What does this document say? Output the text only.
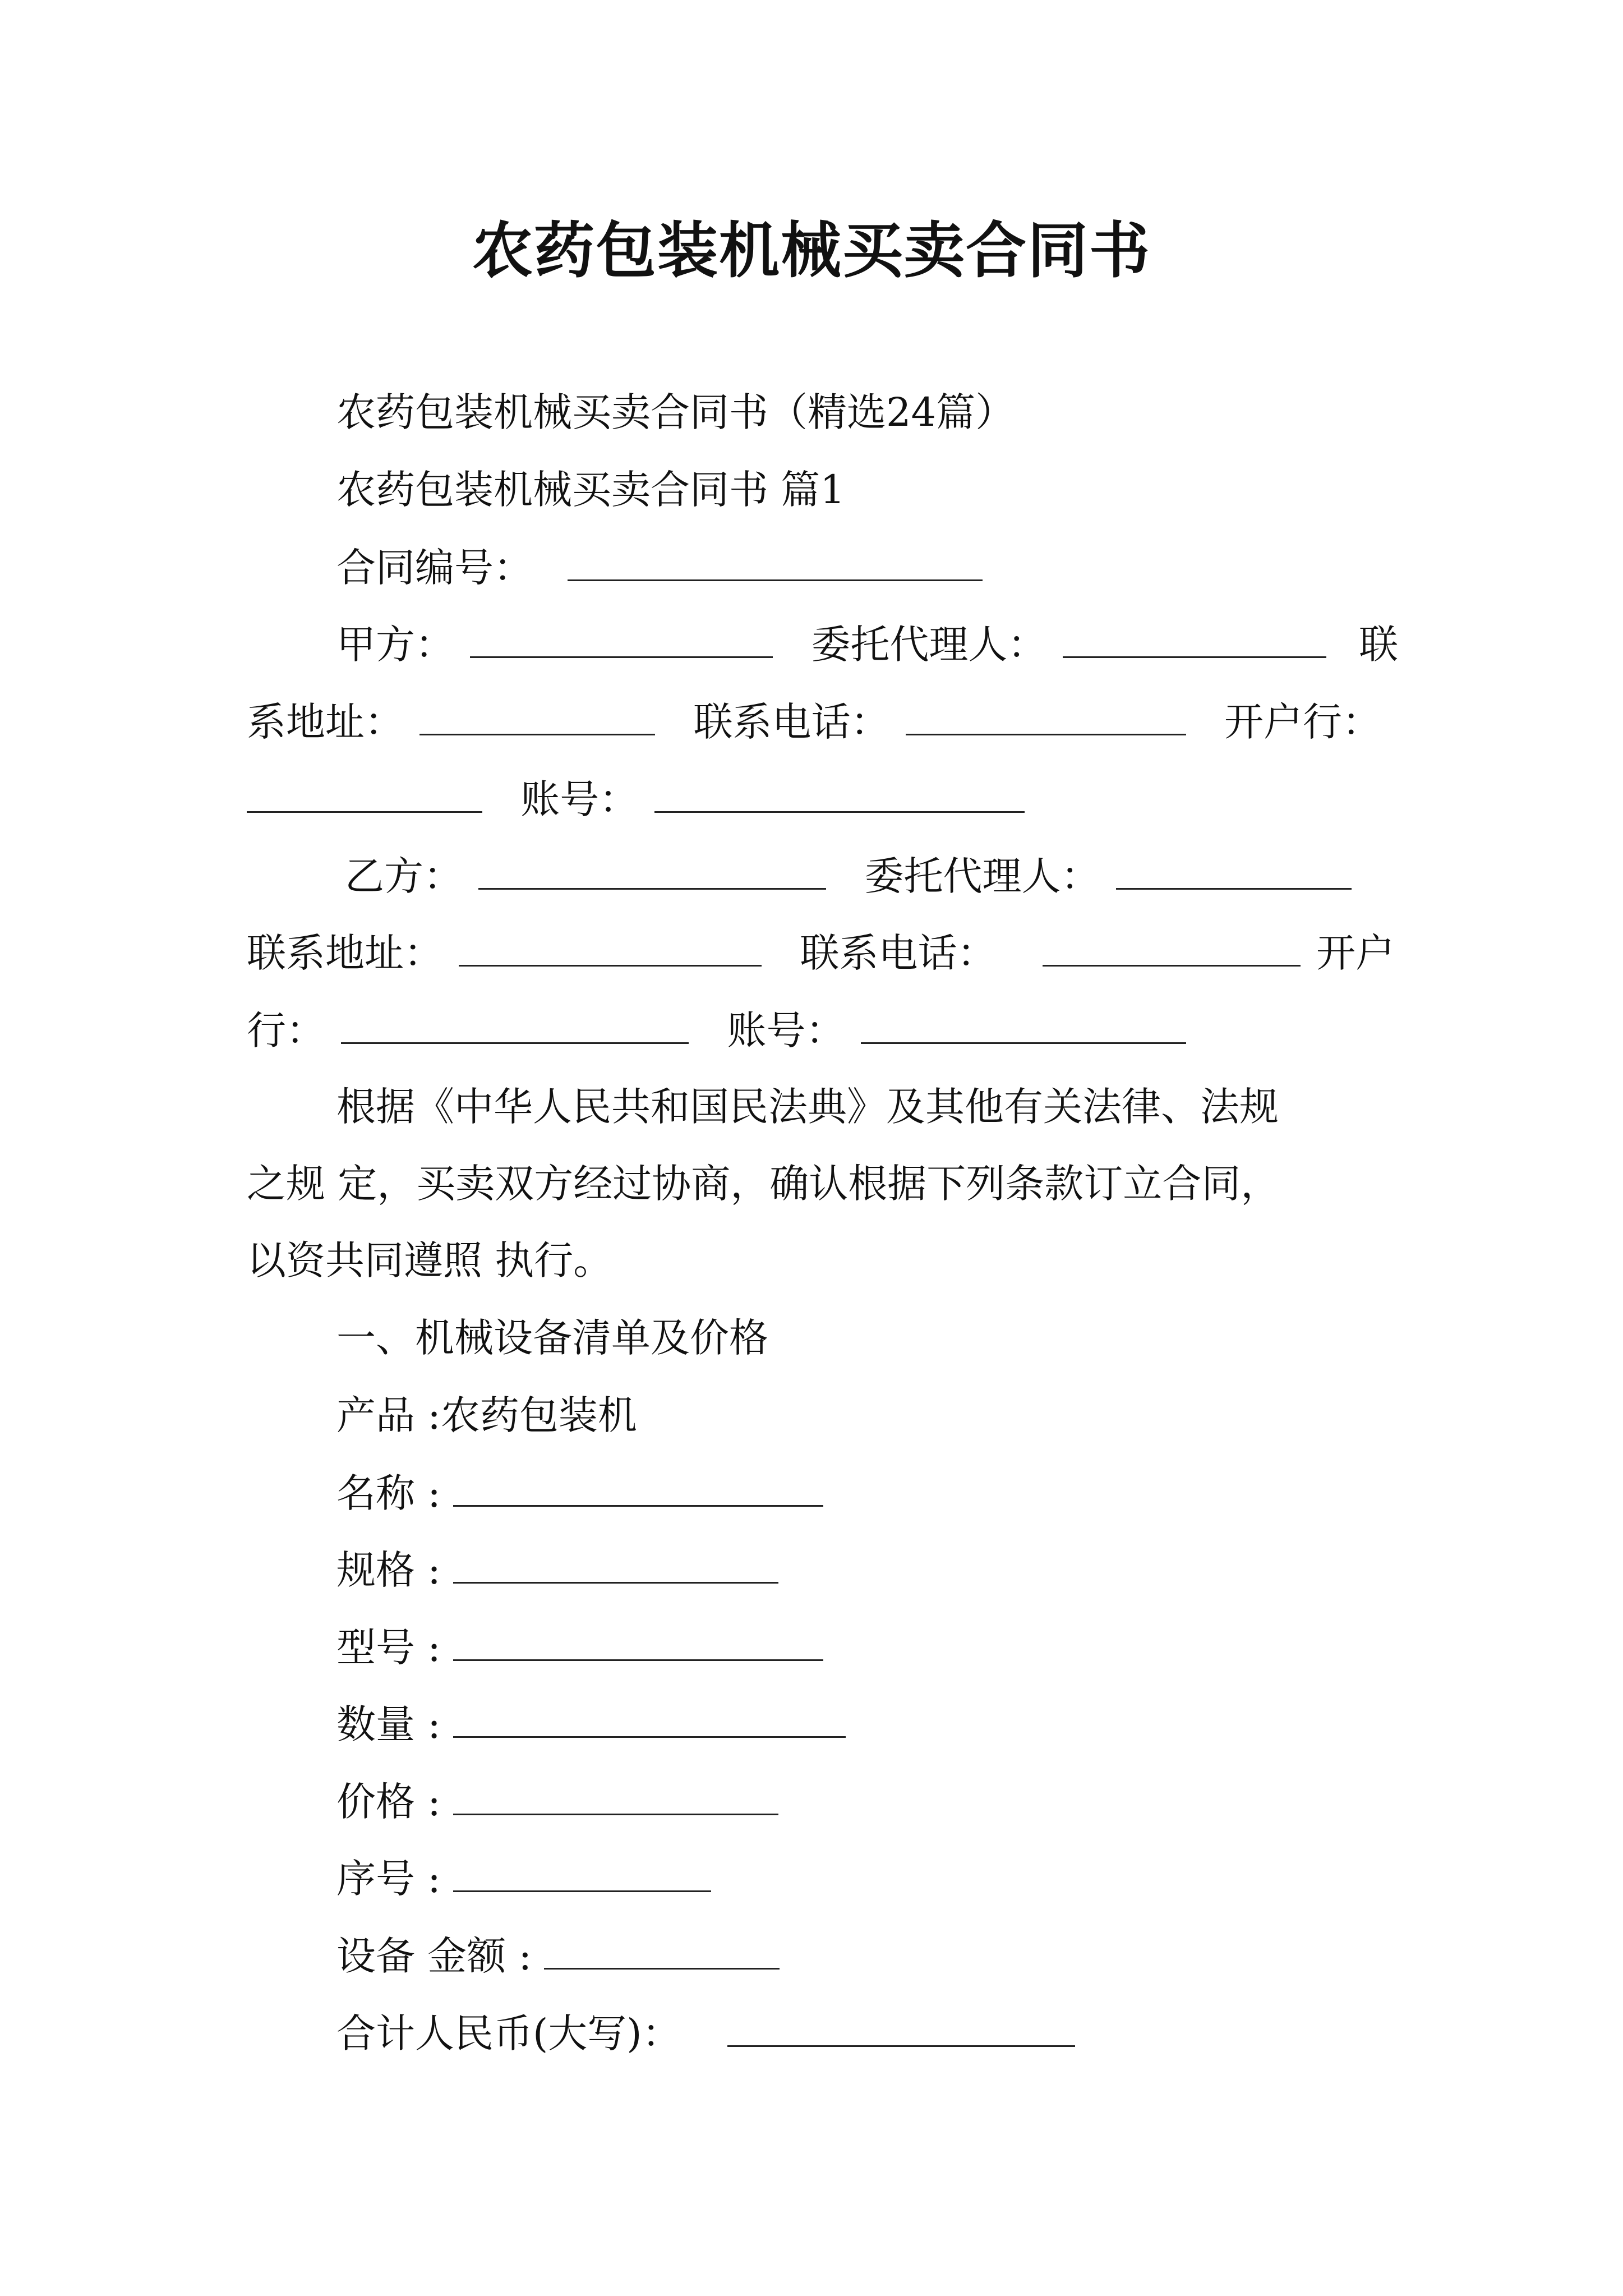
农药包装机械买卖合同书
农药包装机械买卖合同书（精选24篇）
农药包装机械买卖合同书 篇1
合同编号：
甲方：	委托代理人：	联
系地址：	联系电话：	开户行：
账号：
乙方：	委托代理人：
联系地址：	联系电话：	开户
行：	账号：
根据《中华人民共和国民法典》及其他有关法律、法规
之规 定，买卖双方经过协商，确认根据下列条款订立合同，
以资共同遵照 执行。
一、机械设备清单及价格
产品 :农药包装机
名称 :
规格 :
型号 :
数量 :
价格 :
序号 :
设备 金额 :
合计人民币(大写)：
